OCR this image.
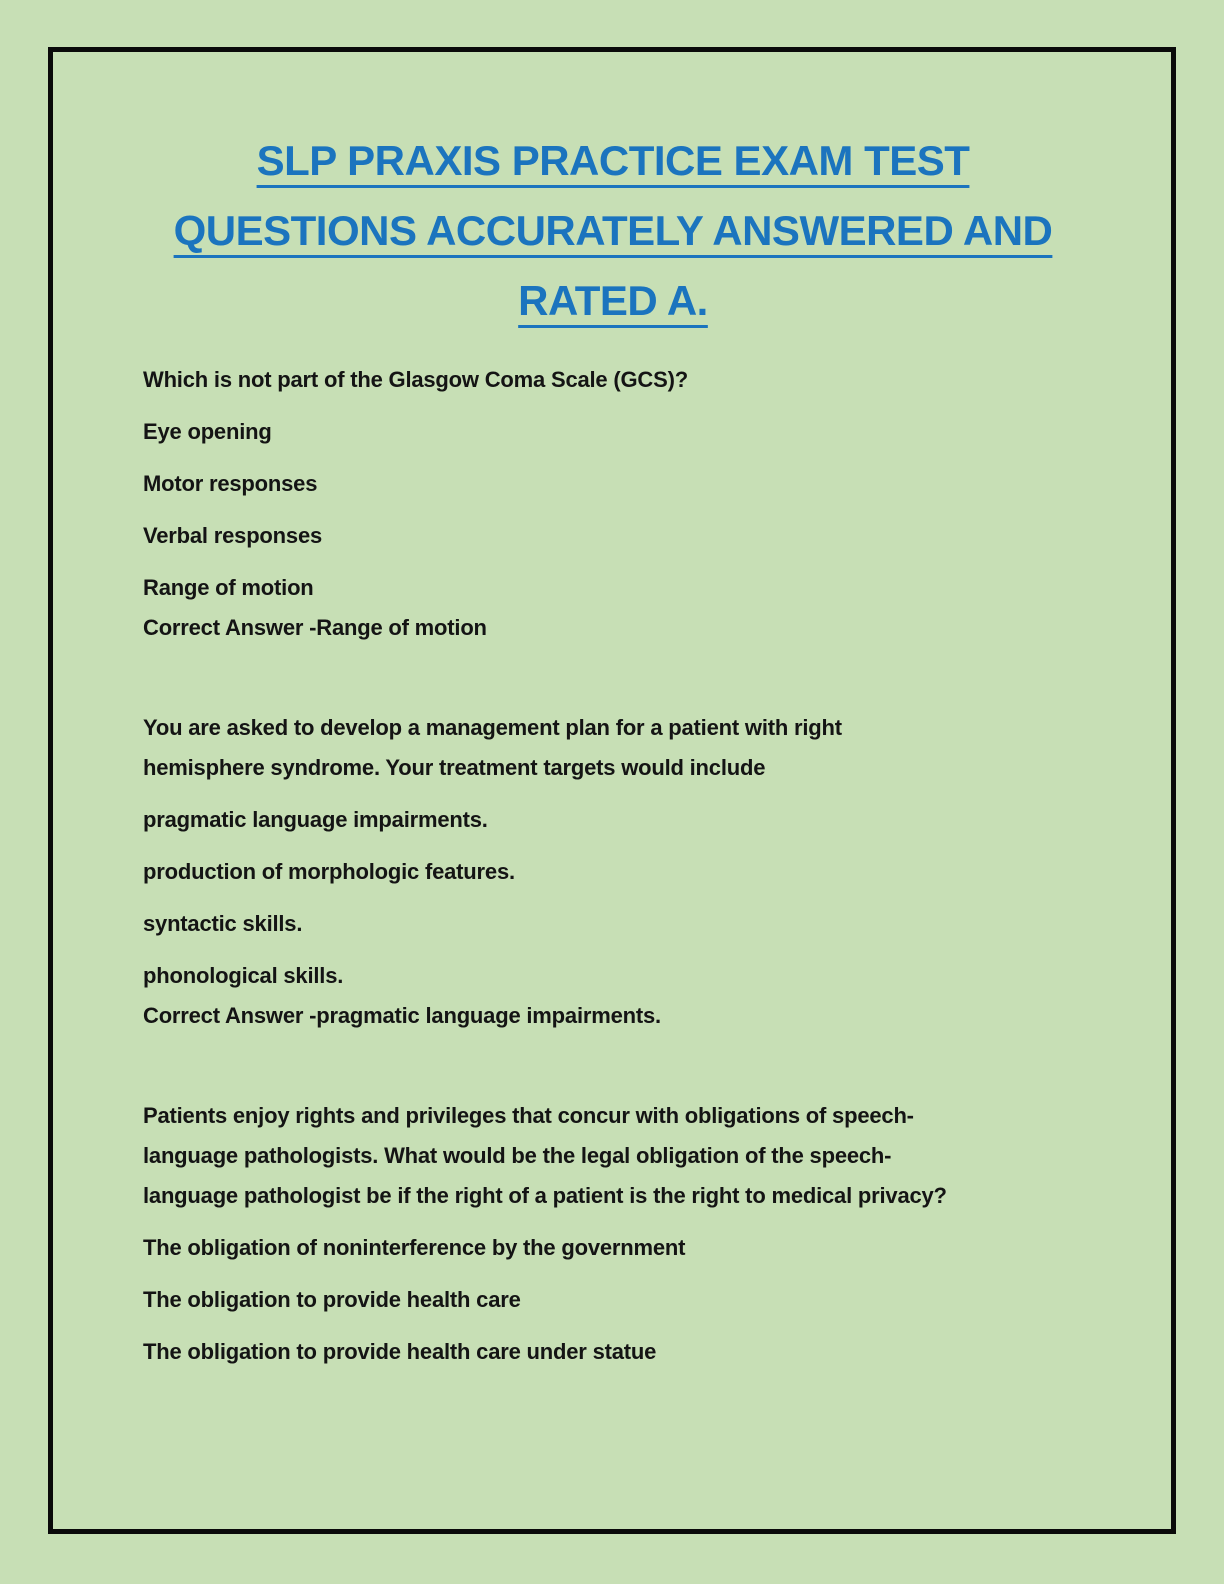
SLP PRAXIS PRACTICE EXAM TEST
QUESTIONS ACCURATELY ANSWERED AND
RATED A.
Which is not part of the Glasgow Coma Scale (GCS)?
Eye opening
Motor responses
Verbal responses
Range of motion
Correct Answer -Range of motion
You are asked to develop a management plan for a patient with right
hemisphere syndrome. Your treatment targets would include
pragmatic language impairments.
production of morphologic features.
syntactic skills.
phonological skills.
Correct Answer -pragmatic language impairments.
Patients enjoy rights and privileges that concur with obligations of speech-
language pathologists. What would be the legal obligation of the speech-
language pathologist be if the right of a patient is the right to medical privacy?
The obligation of noninterference by the government
The obligation to provide health care
The obligation to provide health care under statue
